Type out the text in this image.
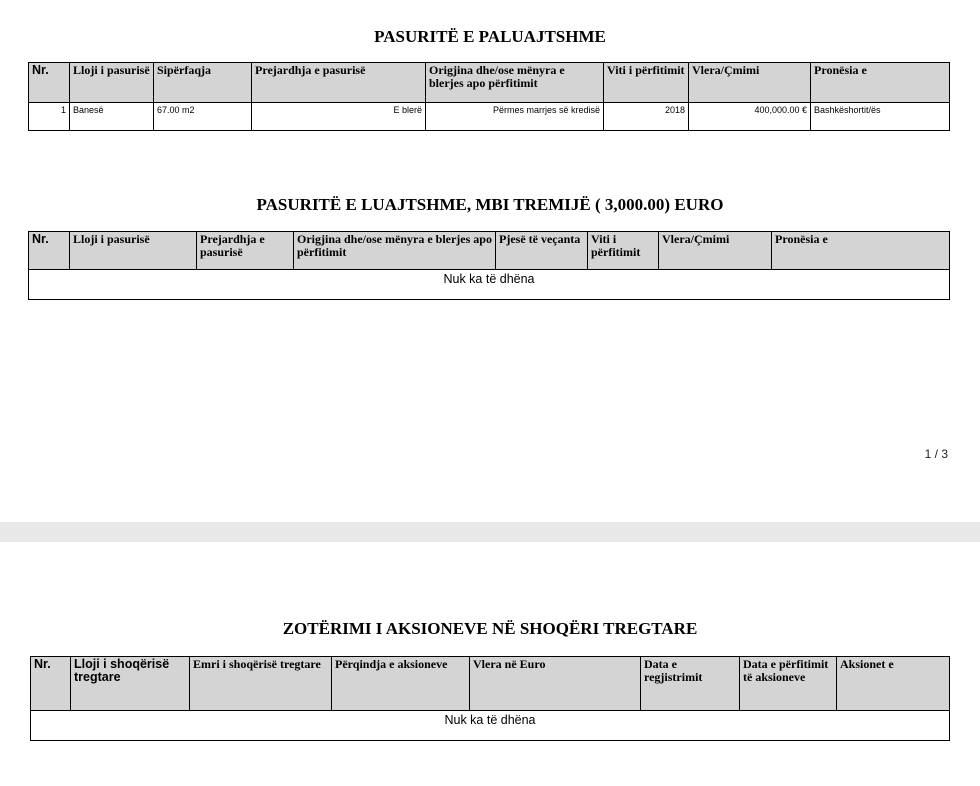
PASURITË E PALUAJTSHME
Nr.	Lloji i pasurisë	Sipërfaqja	Prejardhja e pasurisë	Origjina dhe/ose mënyra e blerjes apo përfitimit	Viti i përfitimit	Vlera/Çmimi	Pronësia e
1	Banesë	67.00 m2	E blerë	Përmes marrjes së kredisë	2018	400,000.00 €	Bashkëshortit/ës
PASURITË E LUAJTSHME, MBI TREMIJË ( 3,000.00) EURO
Nr.	Lloji i pasurisë	Prejardhja e pasurisë	Origjina dhe/ose mënyra e blerjes apo përfitimit	Pjesë të veçanta	Viti i përfitimit	Vlera/Çmimi	Pronësia e
Nuk ka të dhëna
1 / 3
ZOTËRIMI I AKSIONEVE NË SHOQËRI TREGTARE
Nr.	Lloji i shoqërisë tregtare	Emri i shoqërisë tregtare	Përqindja e aksioneve	Vlera në Euro	Data e regjistrimit	Data e përfitimit të aksioneve	Aksionet e
Nuk ka të dhëna
